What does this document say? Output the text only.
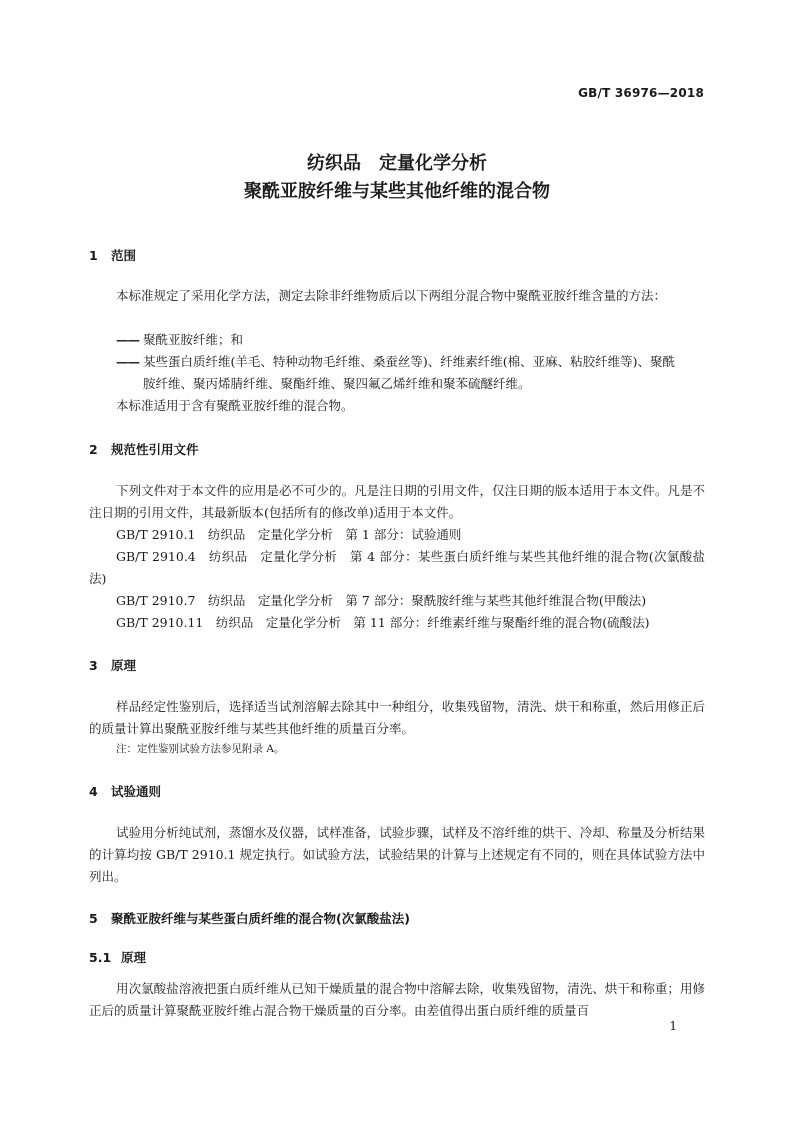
GB/T 36976—2018
纺织品　定量化学分析
聚酰亚胺纤维与某些其他纤维的混合物
1 范围
本标准规定了采用化学方法，测定去除非纤维物质后以下两组分混合物中聚酰亚胺纤维含量的方法：
—— 聚酰亚胺纤维；和
—— 某些蛋白质纤维(羊毛、特种动物毛纤维、桑蚕丝等)、纤维素纤维(棉、亚麻、粘胶纤维等)、聚酰
胺纤维、聚丙烯腈纤维、聚酯纤维、聚四氟乙烯纤维和聚苯硫醚纤维。
本标准适用于含有聚酰亚胺纤维的混合物。
2 规范性引用文件
下列文件对于本文件的应用是必不可少的。凡是注日期的引用文件，仅注日期的版本适用于本文件。凡是不注日期的引用文件，其最新版本(包括所有的修改单)适用于本文件。
GB/T 2910.1　纺织品　定量化学分析　第 1 部分：试验通则
GB/T 2910.4　纺织品　定量化学分析　第 4 部分：某些蛋白质纤维与某些其他纤维的混合物(次氯酸盐法)
GB/T 2910.7　纺织品　定量化学分析　第 7 部分：聚酰胺纤维与某些其他纤维混合物(甲酸法)
GB/T 2910.11　纺织品　定量化学分析　第 11 部分：纤维素纤维与聚酯纤维的混合物(硫酸法)
3 原理
样品经定性鉴别后，选择适当试剂溶解去除其中一种组分，收集残留物，清洗、烘干和称重，然后用修正后的质量计算出聚酰亚胺纤维与某些其他纤维的质量百分率。
注：定性鉴别试验方法参见附录 A。
4 试验通则
试验用分析纯试剂，蒸馏水及仪器，试样准备，试验步骤，试样及不溶纤维的烘干、冷却、称量及分析结果的计算均按 GB/T 2910.1 规定执行。如试验方法，试验结果的计算与上述规定有不同的，则在具体试验方法中列出。
5 聚酰亚胺纤维与某些蛋白质纤维的混合物(次氯酸盐法)
5.1 原理
用次氯酸盐溶液把蛋白质纤维从已知干燥质量的混合物中溶解去除，收集残留物，清洗、烘干和称重；用修正后的质量计算聚酰亚胺纤维占混合物干燥质量的百分率。由差值得出蛋白质纤维的质量百
1
